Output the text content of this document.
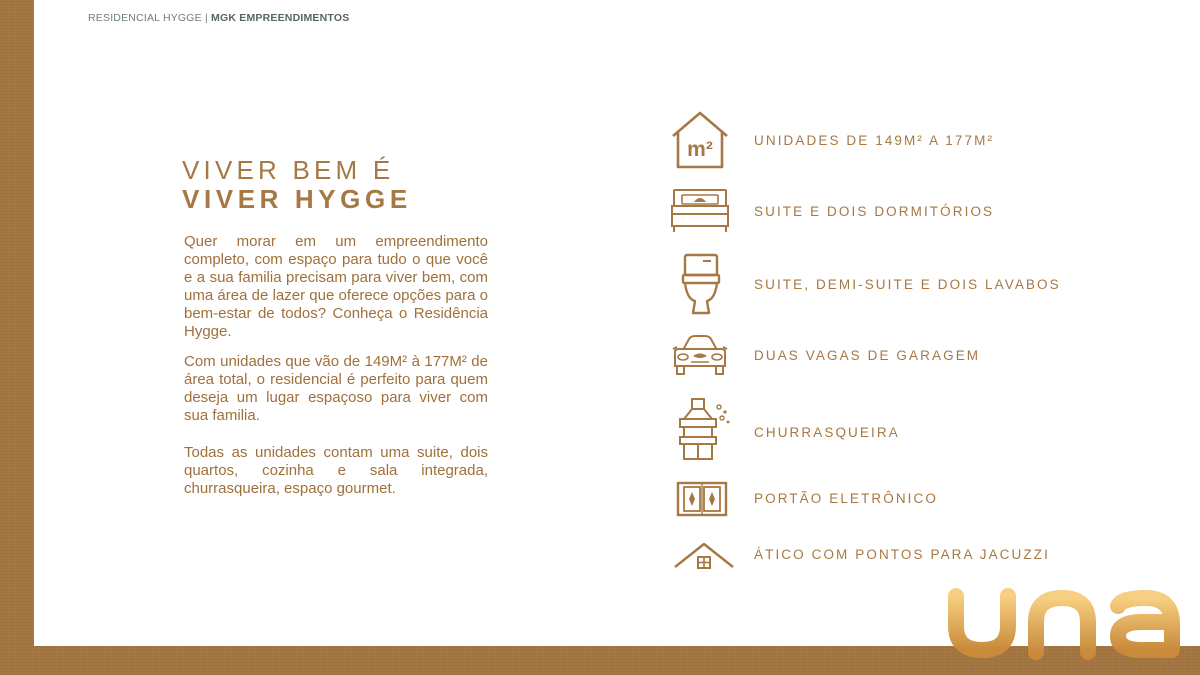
RESIDENCIAL HYGGE | MGK EMPREENDIMENTOS
VIVER BEM É
VIVER HYGGE

Quer morar em um empreendimento completo, com espaço para tudo o que você e a sua familia precisam para viver bem, com uma área de lazer que oferece opções para o bem-estar de todos? Conheça o Residência Hygge.

Com unidades que vão de 149M² à 177M² de área total, o residencial é perfeito para quem deseja um lugar espaçoso para viver com sua familia.

Todas as unidades contam uma suite, dois quartos, cozinha e sala integrada, churrasqueira, espaço gourmet.

m²	UNIDADES DE 149M² A 177M²
SUITE E DOIS DORMITÓRIOS
SUITE, DEMI-SUITE E DOIS LAVABOS
DUAS VAGAS DE GARAGEM
CHURRASQUEIRA
PORTÃO ELETRÔNICO
ÁTICO COM PONTOS PARA JACUZZI
